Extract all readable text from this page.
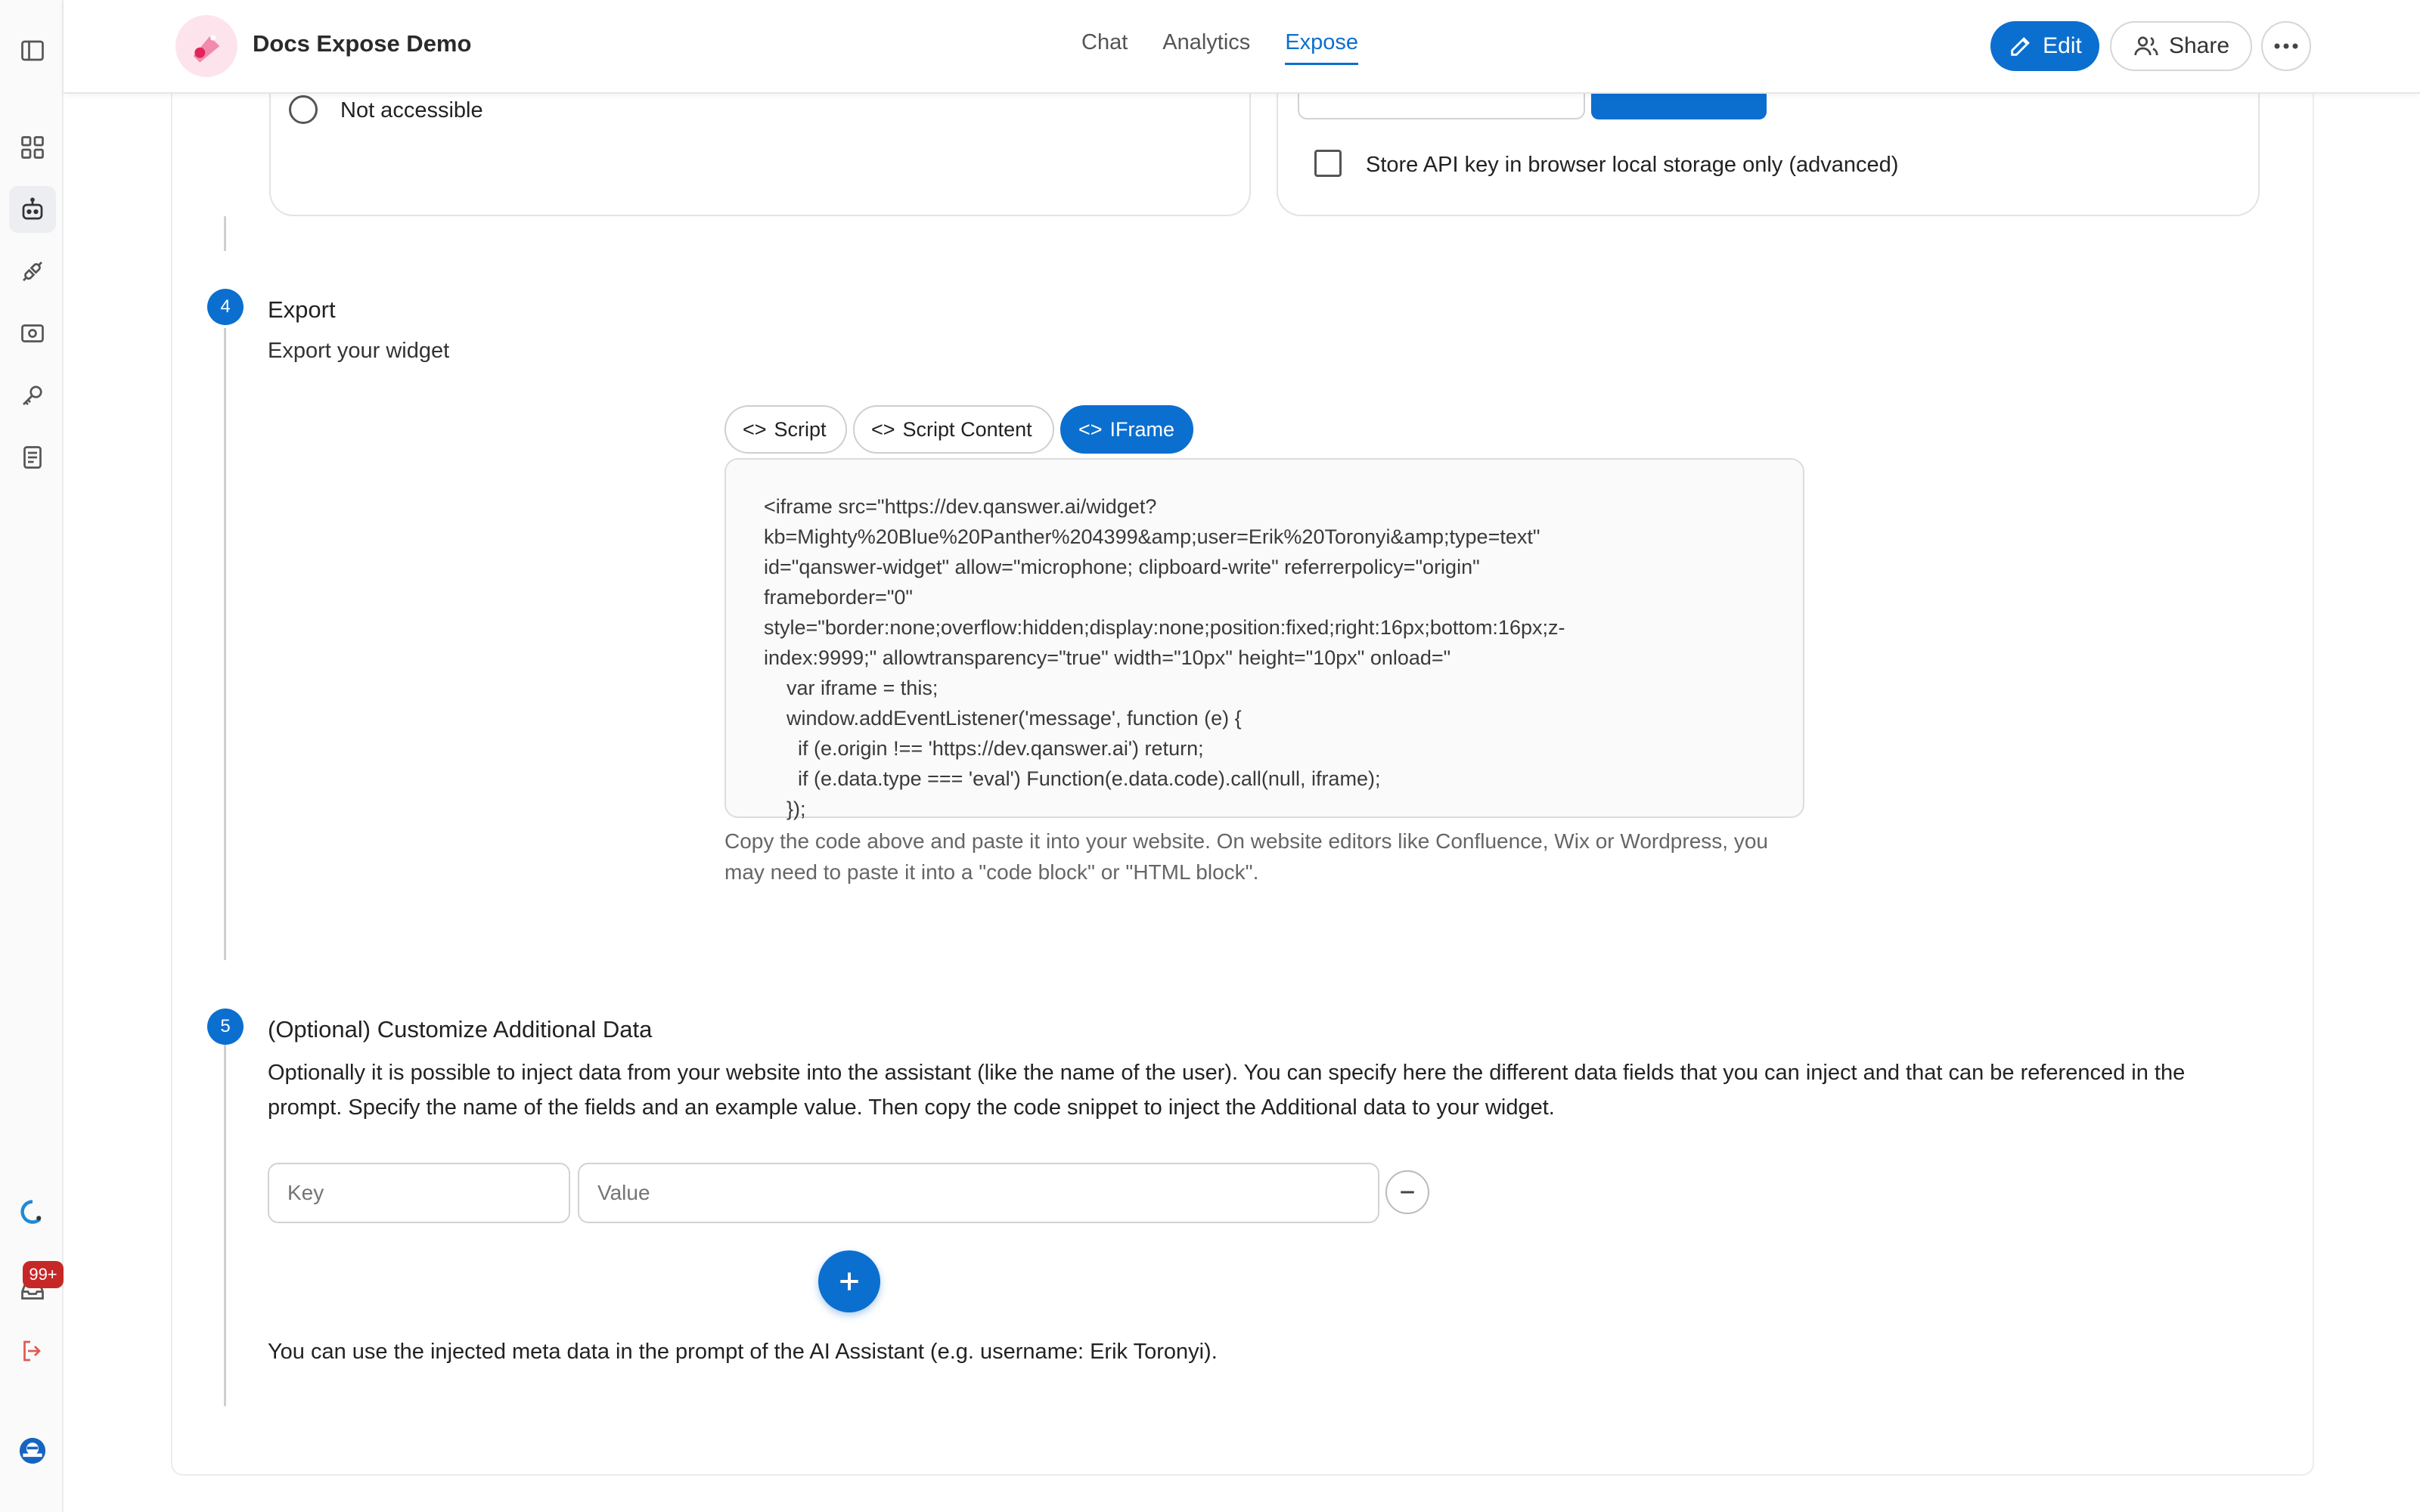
99+
Not accessible
Store API key in browser local storage only (advanced)
4	Export
Export your widget
<> Script <> Script Content <> IFrame
<iframe src="https://dev.qanswer.ai/widget?
kb=Mighty%20Blue%20Panther%204399&amp;user=Erik%20Toronyi&amp;type=text"
id="qanswer-widget" allow="microphone; clipboard-write" referrerpolicy="origin"
frameborder="0"
style="border:none;overflow:hidden;display:none;position:fixed;right:16px;bottom:16px;z-
index:9999;" allowtransparency="true" width="10px" height="10px" onload="
var iframe = this;
window.addEventListener('message', function (e) {
if (e.origin !== 'https://dev.qanswer.ai') return;
if (e.data.type === 'eval') Function(e.data.code).call(null, iframe);
});
Copy the code above and paste it into your website. On website editors like Confluence, Wix or Wordpress, you may need to paste it into a "code block" or "HTML block".
5	(Optional) Customize Additional Data
Optionally it is possible to inject data from your website into the assistant (like the name of the user). You can specify here the different data fields that you can inject and that can be referenced in the prompt. Specify the name of the fields and an example value. Then copy the code snippet to inject the Additional data to your widget.
Key
Value
You can use the injected meta data in the prompt of the AI Assistant (e.g. username: Erik Toronyi).
Docs Expose Demo	Chat Analytics Expose	Edit	Share
